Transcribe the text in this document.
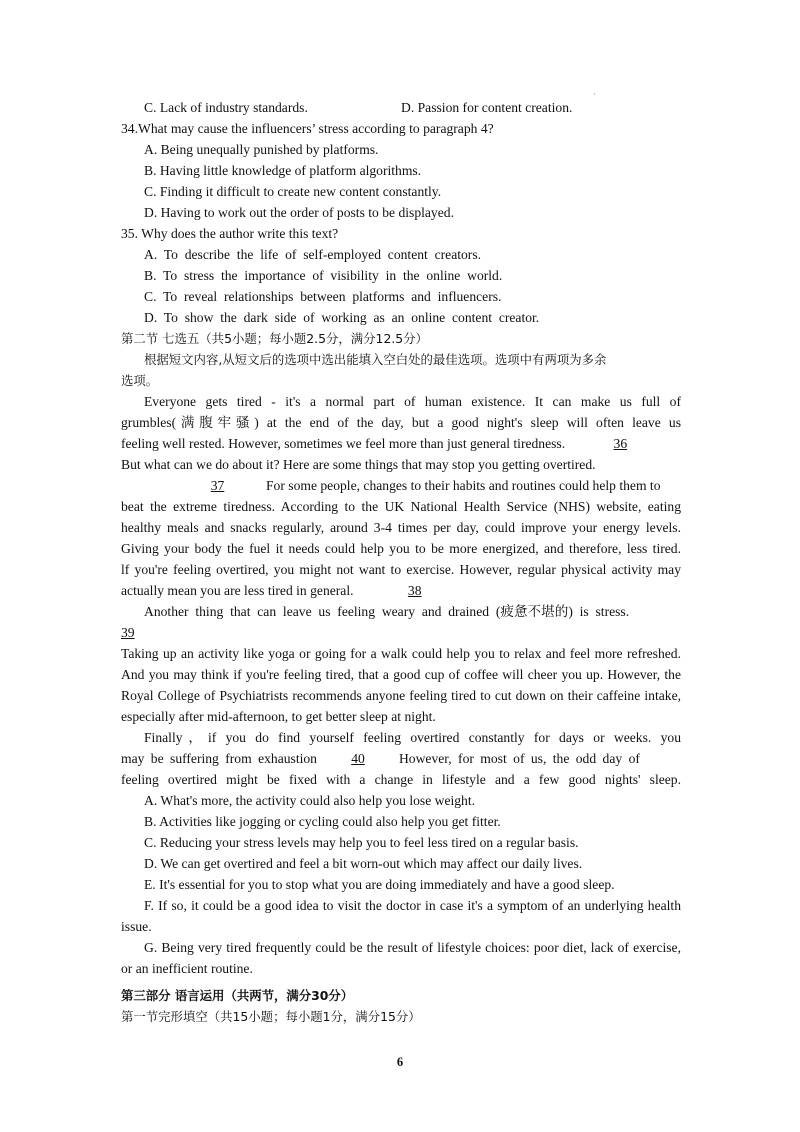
·
C. Lack of industry standards.	D. Passion for content creation.
34.What may cause the influencers’ stress according to paragraph 4?
A. Being unequally punished by platforms.
B. Having little knowledge of platform algorithms.
C. Finding it difficult to create new content constantly.
D. Having to work out the order of posts to be displayed.
35. Why does the author write this text?
A.  To  describe  the  life  of  self-employed  content  creators.
B.  To  stress  the  importance  of  visibility  in  the  online  world.
C.  To  reveal  relationships  between  platforms  and  influencers.
D.  To  show  the  dark  side  of  working  as  an  online  content  creator.
第二节 七选五（共5小题；每小题2.5分，满分12.5分）
根据短文内容,从短文后的选项中选出能填入空白处的最佳选项。选项中有两项为多余
选项。
Everyone gets tired - it's a normal part of human existence. It can make us full of
grumbles(满腹牢骚) at the end of the day, but a good night's sleep will often leave us
feeling well rested. However, sometimes we feel more than just general tiredness.	36
But what can we do about it? Here are some things that may stop you getting overtired.
37	For some people, changes to their habits and routines could help them to
beat the extreme tiredness. According to the UK National Health Service (NHS) website, eating
healthy meals and snacks regularly, around 3-4 times per day, could improve your energy levels.
Giving your body the fuel it needs could help you to be more energized, and therefore, less tired.
lf you're feeling overtired, you might not want to exercise. However, regular physical activity may
actually mean you are less tired in general.	38
Another thing that can leave us feeling weary and drained (疲惫不堪的) is stress.
39
Taking up an activity like yoga or going for a walk could help you to relax and feel more refreshed.
And you may think if you're feeling tired, that a good cup of coffee will cheer you up. However, the
Royal College of Psychiatrists recommends anyone feeling tired to cut down on their caffeine intake,
especially after mid-afternoon, to get better sleep at night.
Finally，if you do find yourself feeling overtired constantly for days or weeks. you
may be suffering from exhaustion	40	However, for most of us, the odd day of
feeling overtired might be fixed with a change in lifestyle and a few good nights' sleep.
A. What's more, the activity could also help you lose weight.
B. Activities like jogging or cycling could also help you get fitter.
C. Reducing your stress levels may help you to feel less tired on a regular basis.
D. We can get overtired and feel a bit worn-out which may affect our daily lives.
E. It's essential for you to stop what you are doing immediately and have a good sleep.
F. If so, it could be a good idea to visit the doctor in case it's a symptom of an underlying health
issue.
G. Being very tired frequently could be the result of lifestyle choices: poor diet, lack of exercise,
or an inefficient routine.
第三部分 语言运用（共两节，满分30分）
第一节完形填空（共15小题；每小题1分，满分15分）
6
